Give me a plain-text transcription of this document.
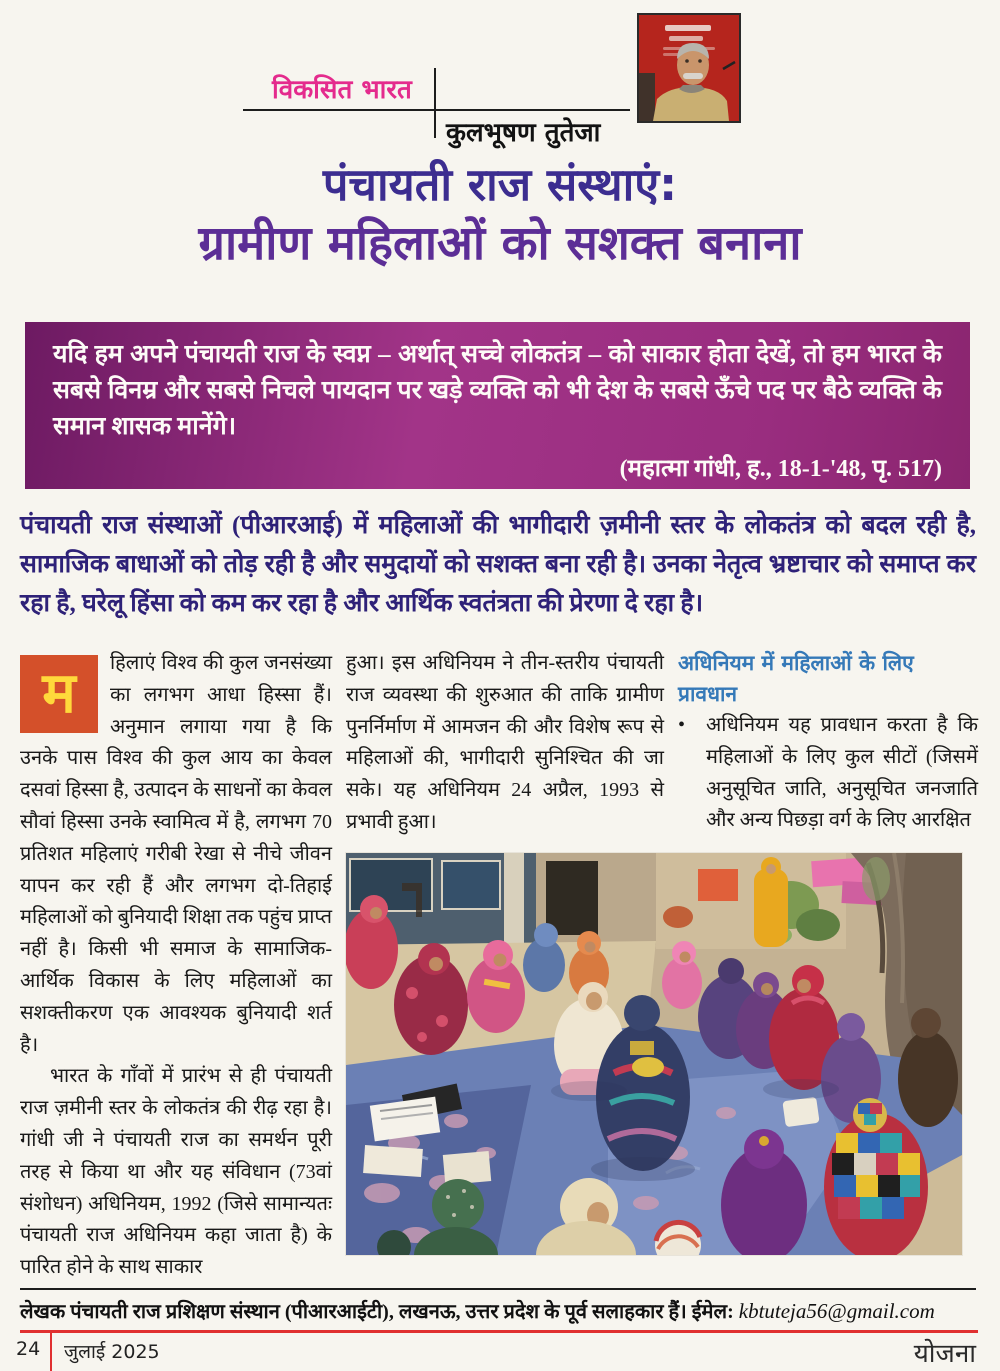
विकसित भारत
कुलभूषण तुतेजा
पंचायती राज संस्थाएं:
ग्रामीण महिलाओं को सशक्त बनाना
यदि हम अपने पंचायती राज के स्वप्न – अर्थात् सच्चे लोकतंत्र – को साकार होता देखें, तो हम भारत के सबसे विनम्र और सबसे निचले पायदान पर खड़े व्यक्ति को भी देश के सबसे ऊँचे पद पर बैठे व्यक्ति के समान शासक मानेंगे।
(महात्मा गांधी, ह., 18-1-'48, पृ. 517)
पंचायती राज संस्थाओं (पीआरआई) में महिलाओं की भागीदारी ज़मीनी स्तर के लोकतंत्र को बदल रही है, सामाजिक बाधाओं को तोड़ रही है और समुदायों को सशक्त बना रही है। उनका नेतृत्व भ्रष्टाचार को समाप्त कर रहा है, घरेलू हिंसा को कम कर रहा है और आर्थिक स्वतंत्रता की प्रेरणा दे रहा है।

म	हिलाएं विश्व की कुल जनसंख्या का लगभग आधा हिस्सा हैं। अनुमान लगाया गया है कि उनके पास विश्व की कुल आय का केवल दसवां हिस्सा है, उत्पादन के साधनों का केवल सौवां हिस्सा उनके स्वामित्व में है, लगभग 70 प्रतिशत महिलाएं गरीबी रेखा से नीचे जीवन यापन कर रही हैं और लगभग दो-तिहाई महिलाओं को बुनियादी शिक्षा तक पहुंच प्राप्त नहीं है। किसी भी समाज के सामाजिक-आर्थिक विकास के लिए महिलाओं का सशक्तीकरण एक आवश्यक बुनियादी शर्त है।

भारत के गाँवों में प्रारंभ से ही पंचायती राज ज़मीनी स्तर के लोकतंत्र की रीढ़ रहा है। गांधी जी ने पंचायती राज का समर्थन पूरी तरह से किया था और यह संविधान (73वां संशोधन) अधिनियम, 1992 (जिसे सामान्यतः पंचायती राज अधिनियम कहा जाता है) के पारित होने के साथ साकार

हुआ। इस अधिनियम ने तीन-स्तरीय पंचायती राज व्यवस्था की शुरुआत की ताकि ग्रामीण पुनर्निर्माण में आमजन की और विशेष रूप से महिलाओं की, भागीदारी सुनिश्चित की जा सके। यह अधिनियम 24 अप्रैल, 1993 से प्रभावी हुआ।

अधिनियम में महिलाओं के लिए प्रावधान

•	अधिनियम यह प्रावधान करता है कि महिलाओं के लिए कुल सीटों (जिसमें अनुसूचित जाति, अनुसूचित जनजाति और अन्य पिछड़ा वर्ग के लिए आरक्षित
लेखक पंचायती राज प्रशिक्षण संस्थान (पीआरआईटी), लखनऊ, उत्तर प्रदेश के पूर्व सलाहकार हैं। ईमेल: kbtuteja56@gmail.com
24 जुलाई 2025	योजना
